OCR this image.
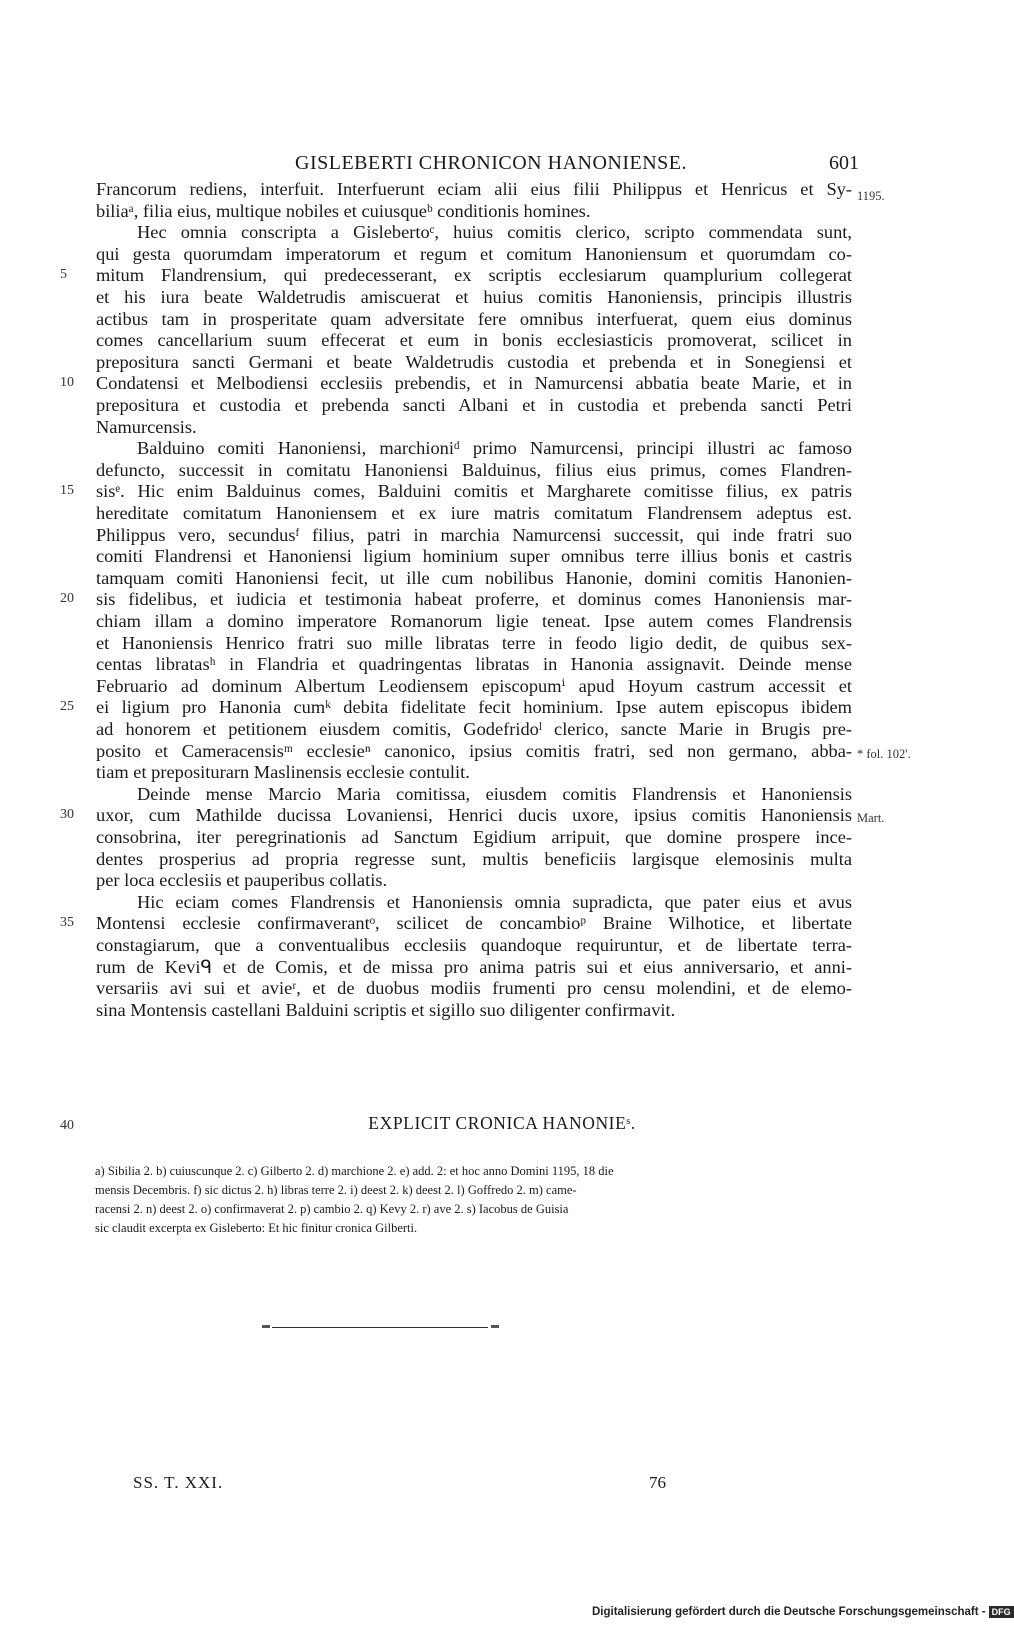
GISLEBERTI CHRONICON HANONIENSE.	601
Francorum rediens, interfuit. Interfuerunt eciam alii eius filii Philippus et Henricus et Sy-
biliaᵃ, filia eius, multique nobiles et cuiusqueᵇ conditionis homines.
Hec omnia conscripta a Gislebertoᶜ, huius comitis clerico, scripto commendata sunt,
qui gesta quorumdam imperatorum et regum et comitum Hanoniensum et quorumdam co-
mitum Flandrensium, qui predecesserant, ex scriptis ecclesiarum quamplurium collegerat
et his iura beate Waldetrudis amiscuerat et huius comitis Hanoniensis, principis illustris
actibus tam in prosperitate quam adversitate fere omnibus interfuerat, quem eius dominus
comes cancellarium suum effecerat et eum in bonis ecclesiasticis promoverat, scilicet in
prepositura sancti Germani et beate Waldetrudis custodia et prebenda et in Sonegiensi et
Condatensi et Melbodiensi ecclesiis prebendis, et in Namurcensi abbatia beate Marie, et in
prepositura et custodia et prebenda sancti Albani et in custodia et prebenda sancti Petri
Namurcensis.
Balduino comiti Hanoniensi, marchioniᵈ primo Namurcensi, principi illustri ac famoso
defuncto, successit in comitatu Hanoniensi Balduinus, filius eius primus, comes Flandren-
sisᵉ. Hic enim Balduinus comes, Balduini comitis et Margharete comitisse filius, ex patris
hereditate comitatum Hanoniensem et ex iure matris comitatum Flandrensem adeptus est.
Philippus vero, secundusᶠ filius, patri in marchia Namurcensi successit, qui inde fratri suo
comiti Flandrensi et Hanoniensi ligium hominium super omnibus terre illius bonis et castris
tamquam comiti Hanoniensi fecit, ut ille cum nobilibus Hanonie, domini comitis Hanonien-
sis fidelibus, et iudicia et testimonia habeat proferre, et dominus comes Hanoniensis mar-
chiam illam a domino imperatore Romanorum ligie teneat. Ipse autem comes Flandrensis
et Hanoniensis Henrico fratri suo mille libratas terre in feodo ligio dedit, de quibus sex-
centas libratasʰ in Flandria et quadringentas libratas in Hanonia assignavit. Deinde mense
Februario ad dominum Albertum Leodiensem episcopumⁱ apud Hoyum castrum accessit et
ei ligium pro Hanonia cumᵏ debita fidelitate fecit hominium. Ipse autem episcopus ibidem
ad honorem et petitionem eiusdem comitis, Godefridoˡ clerico, sancte Marie in Brugis pre-
posito et Cameracensisᵐ ecclesieⁿ canonico, ipsius comitis fratri, sed non germano, abba-
tiam et prepositurarn Maslinensis ecclesie contulit.
Deinde mense Marcio Maria comitissa, eiusdem comitis Flandrensis et Hanoniensis
uxor, cum Mathilde ducissa Lovaniensi, Henrici ducis uxore, ipsius comitis Hanoniensis
consobrina, iter peregrinationis ad Sanctum Egidium arripuit, que domine prospere ince-
dentes prosperius ad propria regresse sunt, multis beneficiis largisque elemosinis multa
per loca ecclesiis et pauperibus collatis.
Hic eciam comes Flandrensis et Hanoniensis omnia supradicta, que pater eius et avus
Montensi ecclesie confirmaverantᵒ, scilicet de concambioᵖ Braine Wilhotice, et libertate
constagiarum, que a conventualibus ecclesiis quandoque requiruntur, et de libertate terra-
rum de Keviᑫ et de Comis, et de missa pro anima patris sui et eius anniversario, et anni-
versariis avi sui et avieʳ, et de duobus modiis frumenti pro censu molendini, et de elemo-
sina Montensis castellani Balduini scriptis et sigillo suo diligenter confirmavit.
1195.
* fol. 102'.
Mart.
5
10
15
20
25
30
35
40	EXPLICIT CRONICA HANONIEˢ.
a) Sibilia 2. b) cuiuscunque 2. c) Gilberto 2. d) marchione 2. e) add. 2: et hoc anno Domini 1195, 18 die
mensis Decembris. f) sic dictus 2. h) libras terre 2. i) deest 2. k) deest 2. l) Goffredo 2. m) came-
racensi 2. n) deest 2. o) confirmaverat 2. p) cambio 2. q) Kevy 2. r) ave 2. s) Iacobus de Guisia
sic claudit excerpta ex Gisleberto: Et hic finitur cronica Gilberti.
SS. T. XXI.	76
Digitalisierung gefördert durch die Deutsche Forschungsgemeinschaft - DFG
